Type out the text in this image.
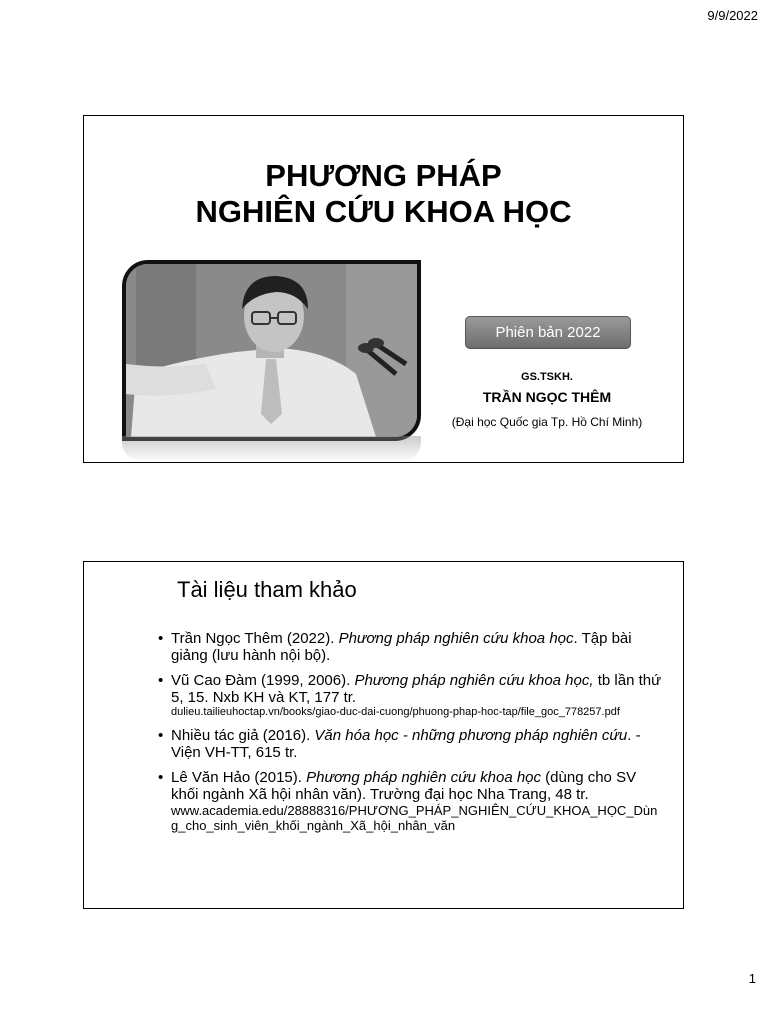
9/9/2022
PHƯƠNG PHÁP
NGHIÊN CỨU KHOA HỌC
Phiên bản 2022
GS.TSKH.
TRẦN NGỌC THÊM
(Đại học Quốc gia Tp. Hồ Chí Minh)
Tài liệu tham khảo
• Trần Ngọc Thêm (2022). Phương pháp nghiên cứu khoa học. Tập bài giảng (lưu hành nội bộ).
• Vũ Cao Đàm (1999, 2006). Phương pháp nghiên cứu khoa học, tb lần thứ 5, 15. Nxb KH và KT, 177 tr.
dulieu.tailieuhoctap.vn/books/giao-duc-dai-cuong/phuong-phap-hoc-tap/file_goc_778257.pdf
• Nhiều tác giả (2016). Văn hóa học - những phương pháp nghiên cứu. - Viện VH-TT, 615 tr.
• Lê Văn Hảo (2015). Phương pháp nghiên cứu khoa học (dùng cho SV khối ngành Xã hội nhân văn). Trường đại học Nha Trang, 48 tr.
www.academia.edu/28888316/PHƯƠNG_PHÁP_NGHIÊN_CỨU_KHOA_HỌC_Dùng_cho_sinh_viên_khối_ngành_Xã_hội_nhân_văn
1
